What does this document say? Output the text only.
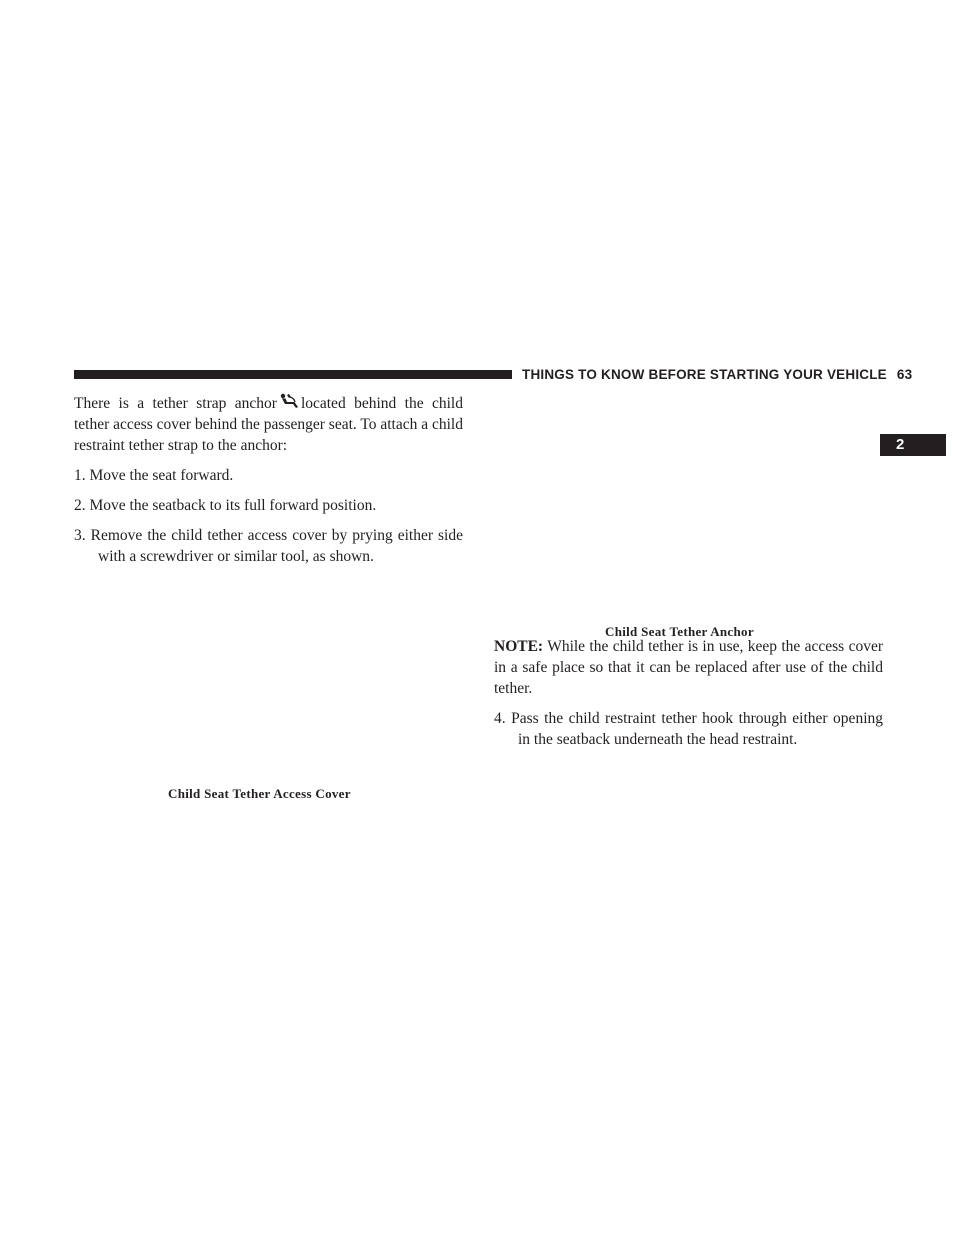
THINGS TO KNOW BEFORE STARTING YOUR VEHICLE 63
2

There is a tether strap anchor located behind the child tether access cover behind the passenger seat. To attach a child restraint tether strap to the anchor:

1. Move the seat forward.
2. Move the seatback to its full forward position.
3. Remove the child tether access cover by prying either side with a screwdriver or similar tool, as shown.
Child Seat Tether Access Cover
Child Seat Tether Anchor

NOTE: While the child tether is in use, keep the access cover in a safe place so that it can be replaced after use of the child tether.

4. Pass the child restraint tether hook through either opening in the seatback underneath the head restraint.
